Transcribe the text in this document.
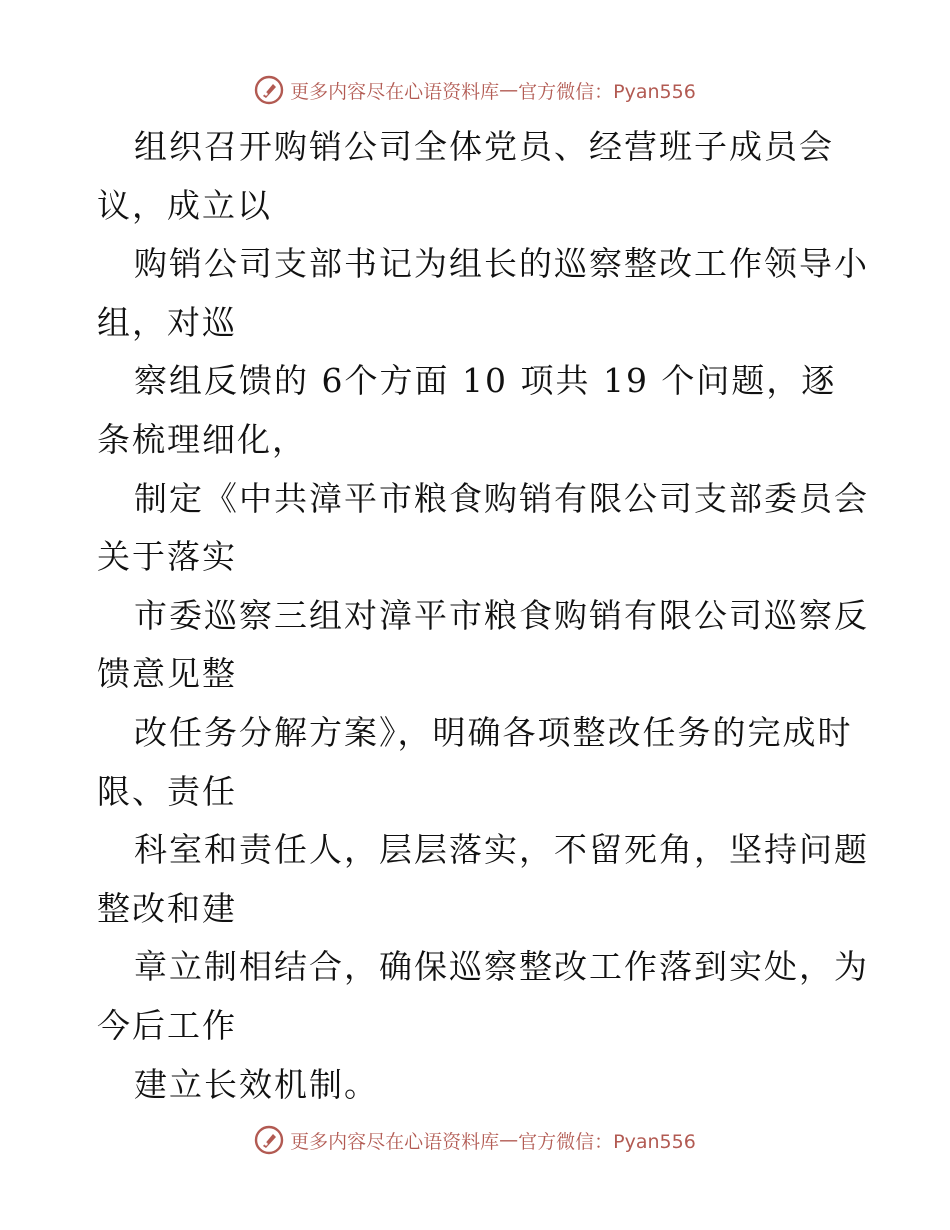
更多内容尽在心语资料库 — 官方微信：Pyan556
组织召开购销公司全体党员、经营班子成员会
议，成立以
购销公司支部书记为组长的巡察整改工作领导小
组，对巡
察组反馈的 6个方面 10 项共 19 个问题，逐
条梳理细化，
制定《中共漳平市粮食购销有限公司支部委员会
关于落实
市委巡察三组对漳平市粮食购销有限公司巡察反
馈意见整
改任务分解方案》，明确各项整改任务的完成时
限、责任
科室和责任人，层层落实，不留死角，坚持问题
整改和建
章立制相结合，确保巡察整改工作落到实处，为
今后工作
建立长效机制。
更多内容尽在心语资料库 — 官方微信：Pyan556
